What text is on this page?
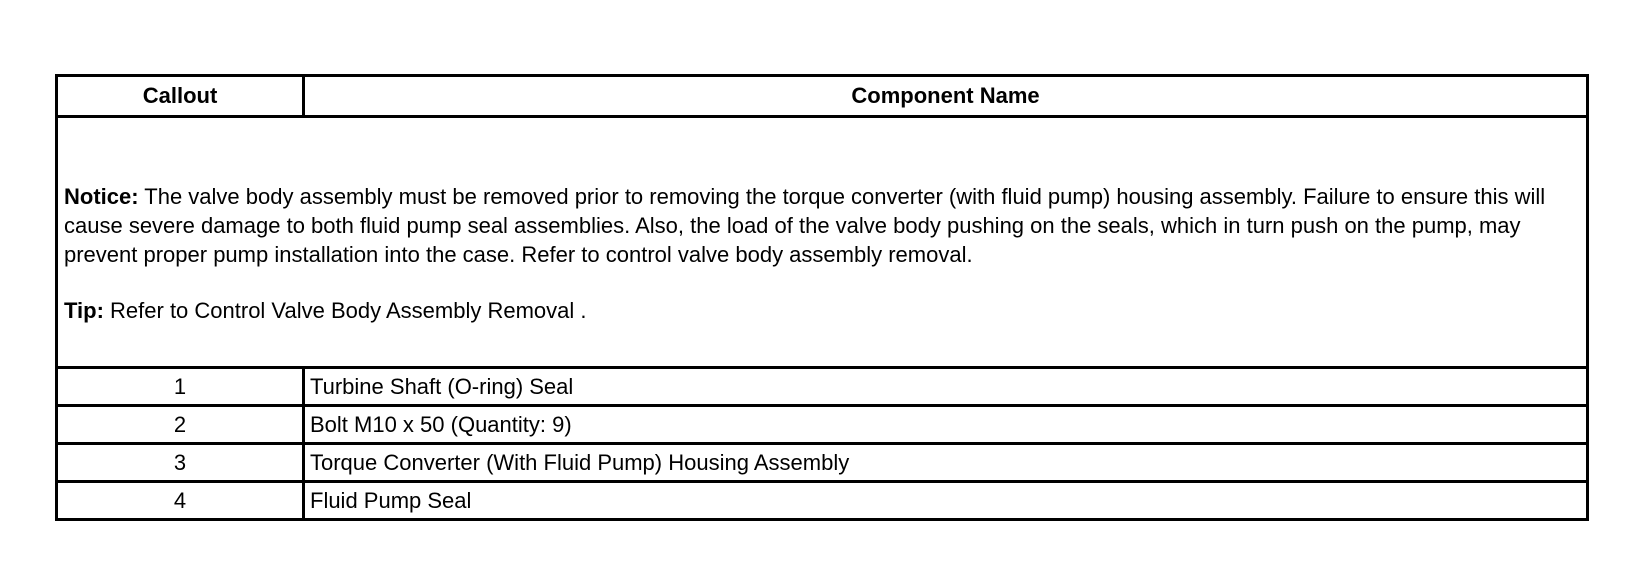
Callout	Component Name

Notice: The valve body assembly must be removed prior to removing the torque converter (with fluid pump) housing assembly. Failure to ensure this will cause severe damage to both fluid pump seal assemblies. Also, the load of the valve body pushing on the seals, which in turn push on the pump, may prevent proper pump installation into the case. Refer to control valve body assembly removal.

Tip: Refer to Control Valve Body Assembly Removal .

1	Turbine Shaft (O-ring) Seal
2	Bolt M10 x 50 (Quantity: 9)
3	Torque Converter (With Fluid Pump) Housing Assembly
4	Fluid Pump Seal
